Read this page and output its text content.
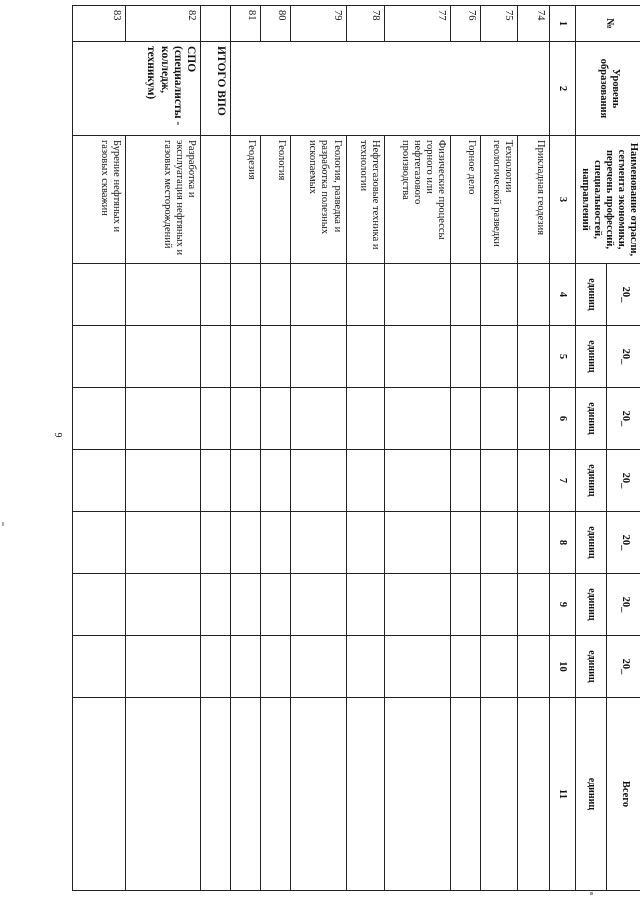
9
№	Уровень образования	Наименование отрасли, сегмента экономики, перечень профессий, специальностей, направлений	20_	20_	20_	20_	20_	20_	20_	Всего
			единиц	единиц	единиц	единиц	единиц	единиц	единиц	единиц
1	2	3	4	5	6	7	8	9	10	11
74		Прикладная геодезия								
75		Технологии геологической разведки								
76		Горное дело								
77		Физические процессы горного или нефтегазового производства								
78		Нефтегазовые техника и технологии								
79		Геология, разведка и разработка полезных ископаемых								
80		Геология								
81		Геодезия								
	ИТОГО ВПО									
82	СПО (специалисты - колледж, техникум)	Разработка и эксплуатация нефтяных и газовых месторождений								
83		Бурение нефтяных и газовых скважин								
